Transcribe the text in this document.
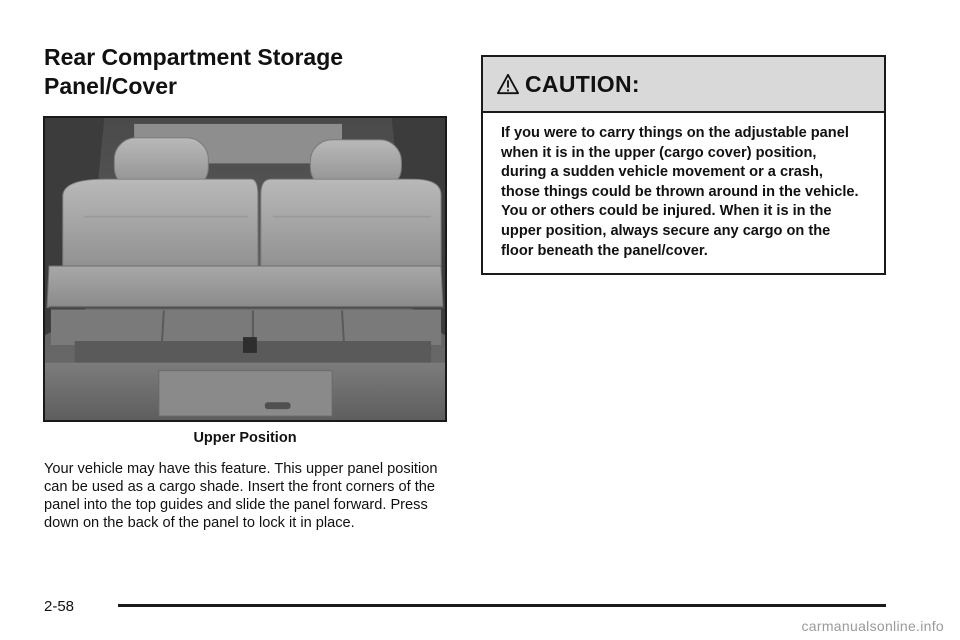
Rear Compartment Storage
Panel/Cover
Upper Position

Your vehicle may have this feature. This upper panel position can be used as a cargo shade. Insert the front corners of the panel into the top guides and slide the panel forward. Press down on the back of the panel to lock it in place.

CAUTION:

If you were to carry things on the adjustable panel when it is in the upper (cargo cover) position, during a sudden vehicle movement or a crash, those things could be thrown around in the vehicle. You or others could be injured. When it is in the upper position, always secure any cargo on the floor beneath the panel/cover.

2-58
carmanualsonline.info
